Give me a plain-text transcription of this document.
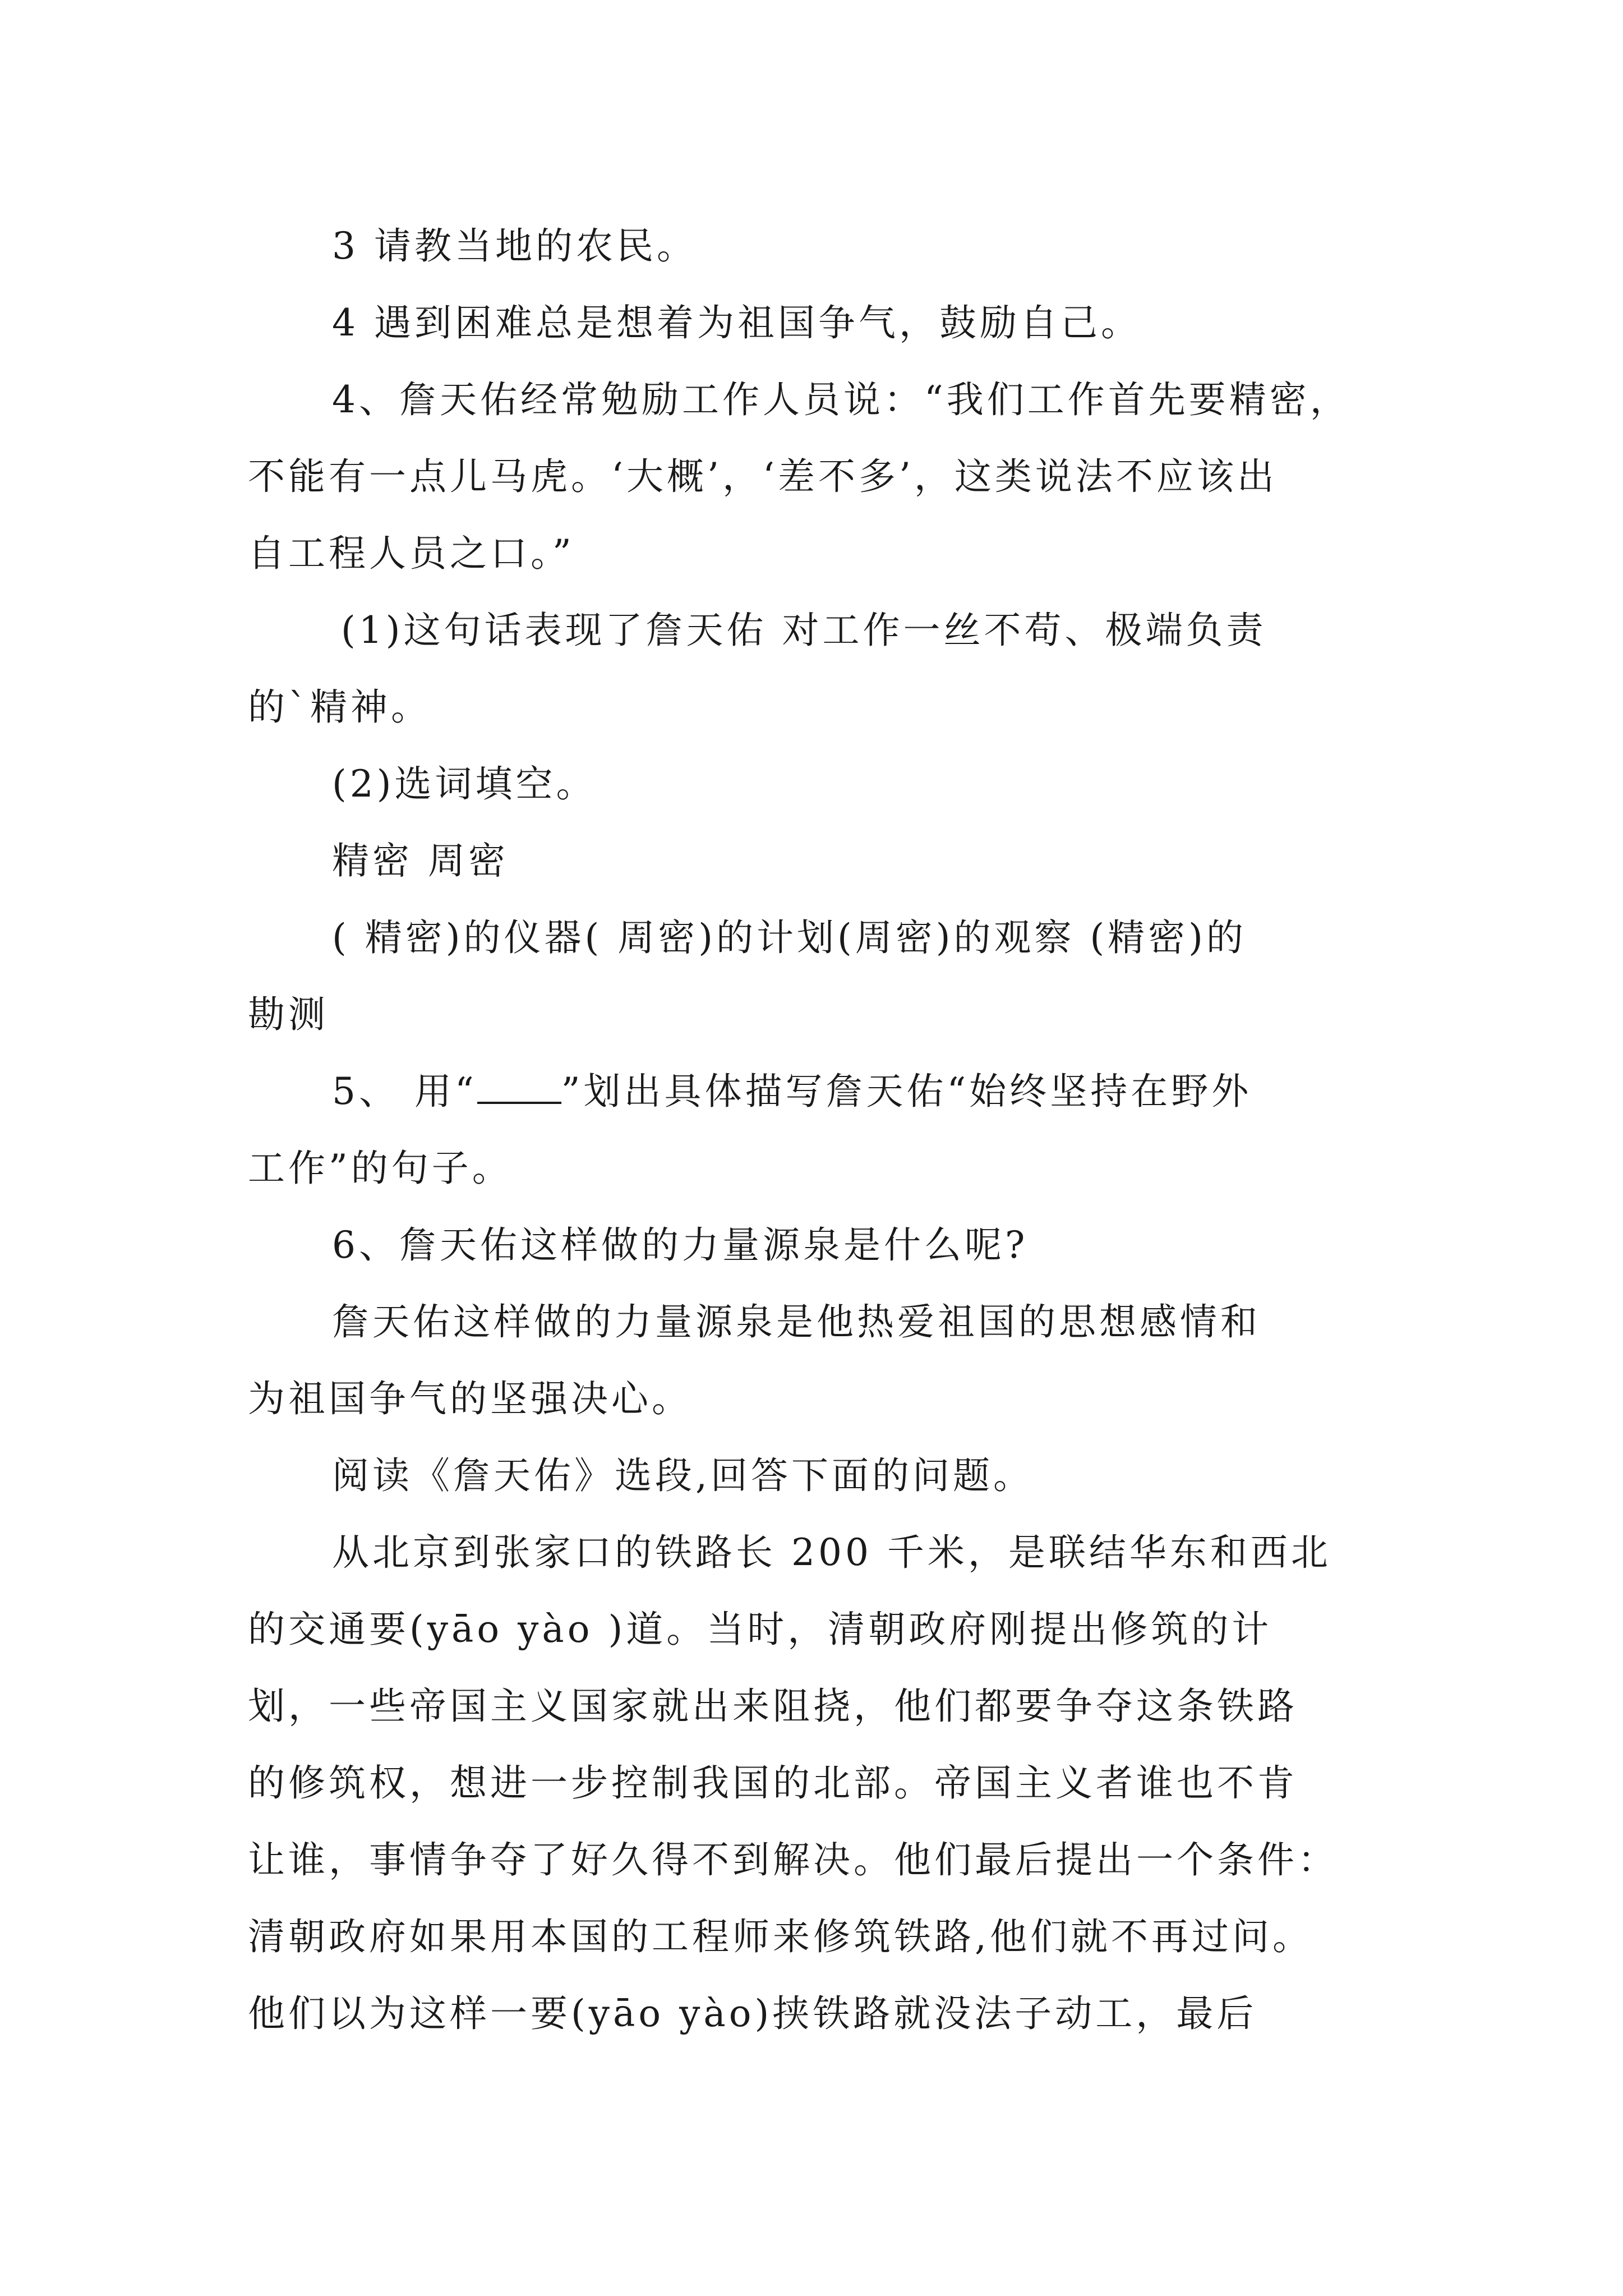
3 请教当地的农民。
4 遇到困难总是想着为祖国争气，鼓励自己。
4、詹天佑经常勉励工作人员说：“我们工作首先要精密，
不能有一点儿马虎。‘大概’，‘差不多’，这类说法不应该出
自工程人员之口。”
(1)这句话表现了詹天佑 对工作一丝不苟、极端负责
的`精神。
(2)选词填空。
精密 周密
( 精密)的仪器( 周密)的计划(周密)的观察 (精密)的
勘测
5、 用“ ”划出具体描写詹天佑“始终坚持在野外
工作”的句子。
6、詹天佑这样做的力量源泉是什么呢?
詹天佑这样做的力量源泉是他热爱祖国的思想感情和
为祖国争气的坚强决心。
阅读《詹天佑》选段,回答下面的问题。
从北京到张家口的铁路长 200 千米，是联结华东和西北
的交通要(yāo yào )道。当时，清朝政府刚提出修筑的计
划，一些帝国主义国家就出来阻挠，他们都要争夺这条铁路
的修筑权，想进一步控制我国的北部。帝国主义者谁也不肯
让谁，事情争夺了好久得不到解决。他们最后提出一个条件：
清朝政府如果用本国的工程师来修筑铁路,他们就不再过问。
他们以为这样一要(yāo yào)挟铁路就没法子动工，最后
